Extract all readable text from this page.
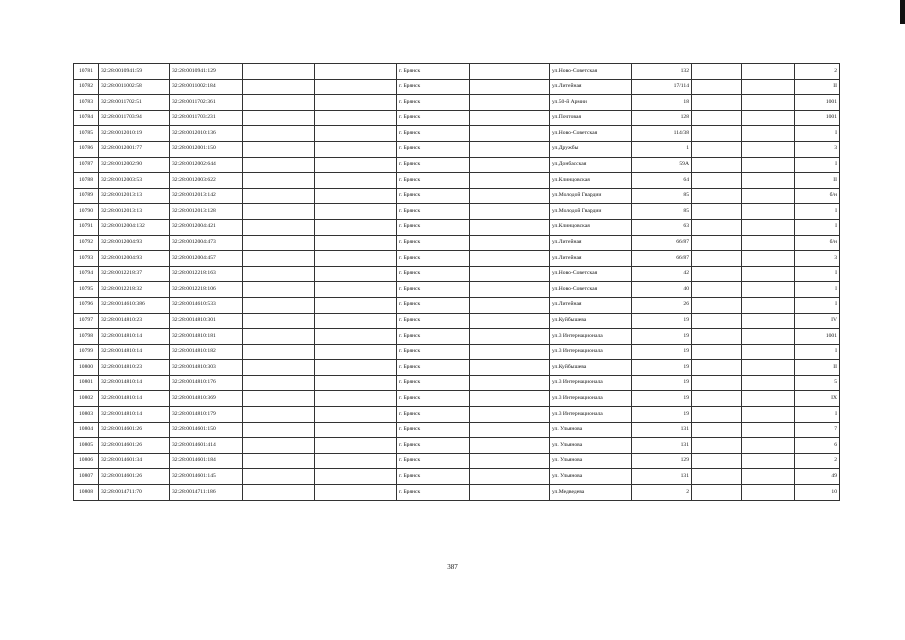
10781	32:28:0010941:59	32:28:0010941:129			г. Брянск		ул.Ново-Советская	132			2
10782	32:28:0011002:58	32:28:0011002:184			г. Брянск		ул.Литейная	17/114			II
10783	32:28:0011702:51	32:28:0011702:361			г. Брянск		ул.50-й Армии	18			1001
10784	32:28:0011703:94	32:28:0011703:231			г. Брянск		ул.Почтовая	128			1001
10785	32:28:0012010:19	32:28:0012010:136			г. Брянск		ул.Ново-Советская	114/38			I
10786	32:28:0012001:77	32:28:0012001:150			г. Брянск		ул.Дружбы	1			3
10787	32:28:0012002:90	32:28:0012002:644			г. Брянск		ул.Донбасская	59А			I
10788	32:28:0012003:53	32:28:0012003:622			г. Брянск		ул.Клинцовская	64			II
10789	32:28:0012013:13	32:28:0012013:142			г. Брянск		ул.Молодой Гвардии	85			б/н
10790	32:28:0012013:13	32:28:0012013:128			г. Брянск		ул.Молодой Гвардии	85			I
10791	32:28:0012004:132	32:28:0012004:421			г. Брянск		ул.Клинцовская	63			I
10792	32:28:0012004:93	32:28:0012004:473			г. Брянск		ул.Литейная	66/87			б/н
10793	32:28:0012004:93	32:28:0012004:457			г. Брянск		ул.Литейная	66/87			3
10794	32:28:0012218:37	32:28:0012218:163			г. Брянск		ул.Ново-Советская	42			I
10795	32:28:0012218:32	32:28:0012218:106			г. Брянск		ул.Ново-Советская	40			I
10796	32:28:0014610:386	32:28:0014610:533			г. Брянск		ул.Литейная	26			I
10797	32:28:0014810:23	32:28:0014810:301			г. Брянск		ул.Куйбышева	19			IV
10798	32:28:0014810:14	32:28:0014810:181			г. Брянск		ул.3 Интернационала	19			1001
10799	32:28:0014810:14	32:28:0014810:182			г. Брянск		ул.3 Интернационала	19			I
10800	32:28:0014810:23	32:28:0014810:303			г. Брянск		ул.Куйбышева	19			II
10801	32:28:0014810:14	32:28:0014810:176			г. Брянск		ул.3 Интернационала	19			5
10802	32:28:0014810:14	32:28:0014810:369			г. Брянск		ул.3 Интернационала	19			IX
10803	32:28:0014810:14	32:28:0014810:179			г. Брянск		ул.3 Интернационала	19			I
10804	32:28:0014601:26	32:28:0014601:150			г. Брянск		ул. Ульянова	131			7
10805	32:28:0014601:26	32:28:0014601:414			г. Брянск		ул. Ульянова	131			6
10806	32:28:0014601:34	32:28:0014601:184			г. Брянск		ул. Ульянова	129			2
10807	32:28:0014601:26	32:28:0014601:145			г. Брянск		ул. Ульянова	131			49
10808	32:28:0014711:70	32:28:0014711:186			г. Брянск		ул.Медведева	2			10
387
